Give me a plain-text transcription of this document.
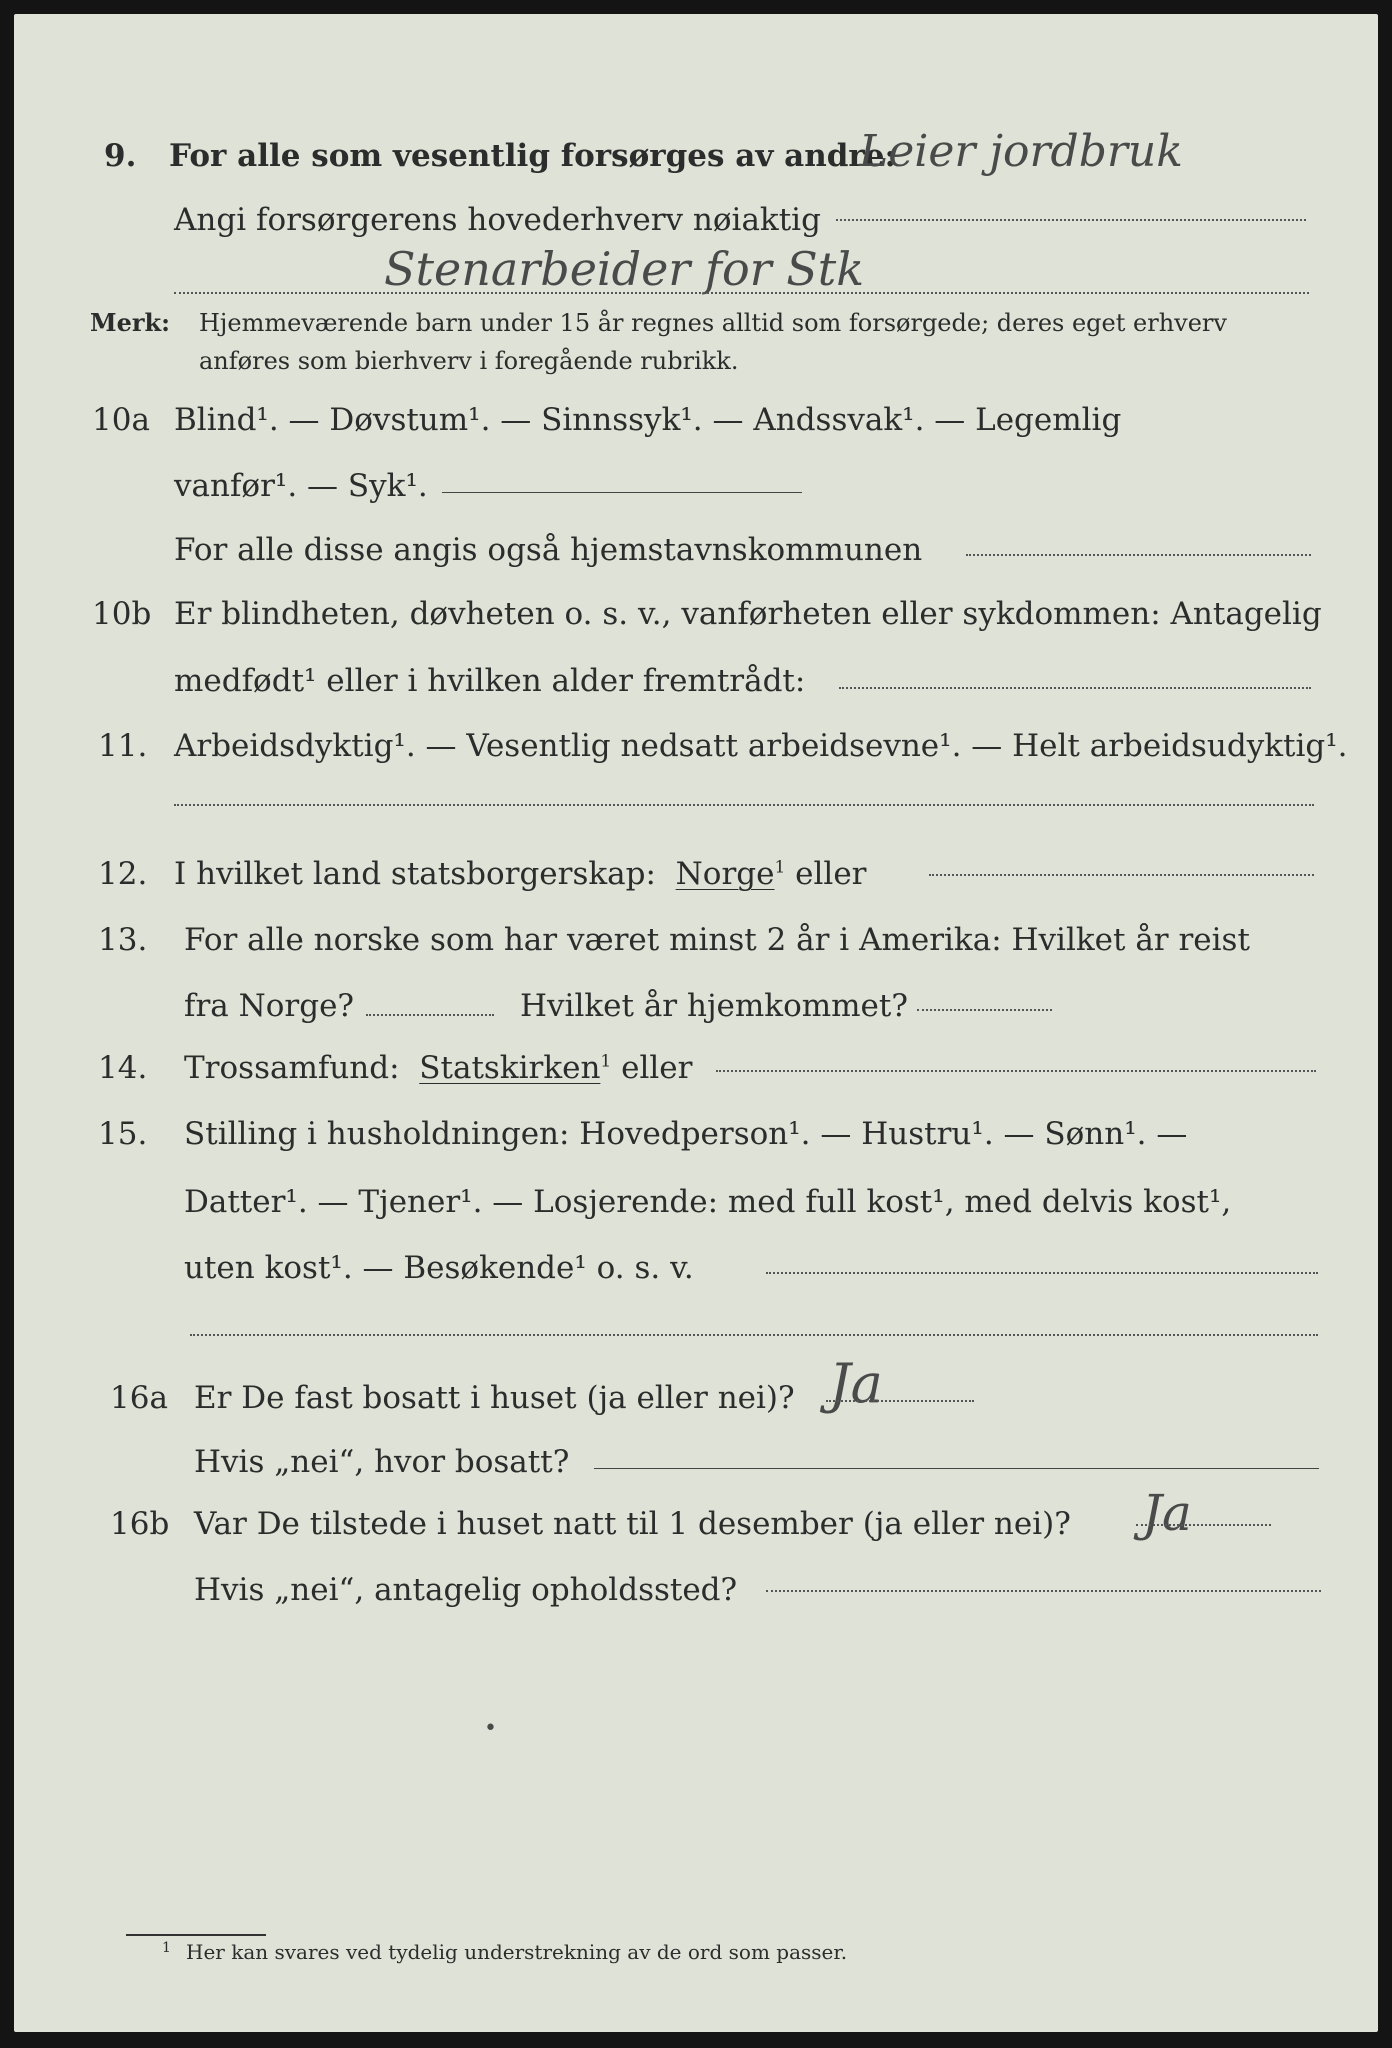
9.	For alle som vesentlig forsørges av andre:
Leier jordbruk
Angi forsørgerens hovederhverv nøiaktig
Stenarbeider for Stk
Merk: Hjemmeværende barn under 15 år regnes alltid som forsørgede; deres eget erhverv
anføres som bierhverv i foregående rubrikk.
10a Blind¹. — Døvstum¹. — Sinnssyk¹. — Andssvak¹. — Legemlig
vanfør¹. — Syk¹.
For alle disse angis også hjemstavnskommunen
10b Er blindheten, døvheten o. s. v., vanførheten eller sykdommen: Antagelig
medfødt¹ eller i hvilken alder fremtrådt:
11. Arbeidsdyktig¹. — Vesentlig nedsatt arbeidsevne¹. — Helt arbeidsudyktig¹.
12. I hvilket land statsborgerskap: Norge$^1$ eller
13.	For alle norske som har været minst 2 år i Amerika: Hvilket år reist
fra Norge?	Hvilket år hjemkommet?
14.	Trossamfund: Statskirken$^1$ eller
15.	Stilling i husholdningen: Hovedperson¹. — Hustru¹. — Sønn¹. —
Datter¹. — Tjener¹. — Losjerende: med full kost¹, med delvis kost¹,
uten kost¹. — Besøkende¹ o. s. v.
16a Er De fast bosatt i huset (ja eller nei)? Ja
Hvis „nei“, hvor bosatt?
16b Var De tilstede i huset natt til 1 desember (ja eller nei)? Ja
Hvis „nei“, antagelig opholdssted?
•
1 Her kan svares ved tydelig understrekning av de ord som passer.
